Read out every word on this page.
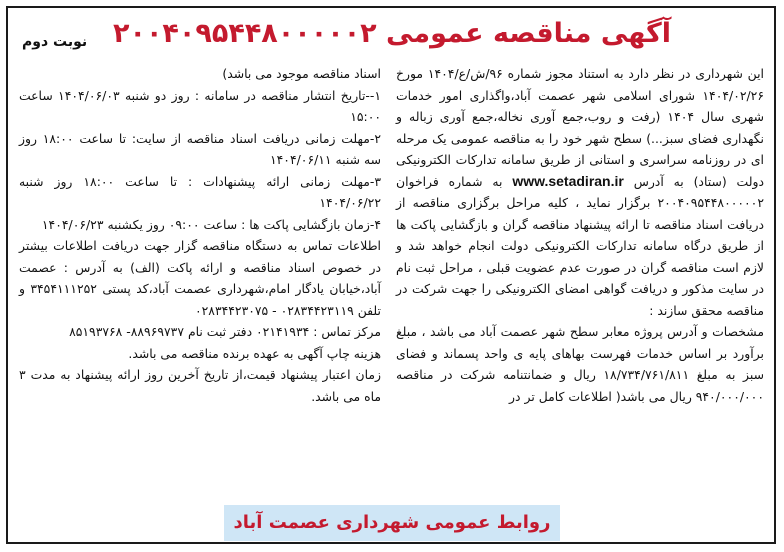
آگهی مناقصه عمومی ۲۰۰۴۰۹۵۴۴۸۰۰۰۰۰۲
نوبت دوم

این شهرداری در نظر دارد به استناد مجوز شماره ۹۶/ش/ع/۱۴۰۴ مورخ ۱۴۰۴/۰۲/۲۶ شورای اسلامی شهر عصمت آباد،واگذاری امور خدمات شهری سال ۱۴۰۴ (رفت و روب،جمع آوری نخاله،جمع آوری زباله و نگهداری فضای سبز...) سطح شهر خود را به مناقصه عمومی یک مرحله ای در روزنامه سراسری و استانی از طریق سامانه تدارکات الکترونیکی دولت (ستاد) به آدرس www.setadiran.ir به شماره فراخوان ۲۰۰۴۰۹۵۴۴۸۰۰۰۰۰۲ برگزار نماید ، کلیه مراحل برگزاری مناقصه از دریافت اسناد مناقصه تا ارائه پیشنهاد مناقصه گران و بازگشایی پاکت ها از طریق درگاه سامانه تدارکات الکترونیکی دولت انجام خواهد شد و لازم است مناقصه گران در صورت عدم عضویت قبلی ، مراحل ثبت نام در سایت مذکور و دریافت گواهی امضای الکترونیکی را جهت شرکت در مناقصه محقق سازند :

مشخصات و آدرس پروژه معابر سطح شهر عصمت آباد می باشد ، مبلغ برآورد بر اساس خدمات فهرست بهاهای پایه ی واحد پسماند و فضای سبز به مبلغ ۱۸/۷۳۴/۷۶۱/۸۱۱ ریال و ضمانتنامه شرکت در مناقصه ۹۴۰/۰۰۰/۰۰۰ ریال می باشد( اطلاعات کامل تر در

اسناد مناقصه موجود می باشد)

۱--تاریخ انتشار مناقصه در سامانه : روز دو شنبه ۱۴۰۴/۰۶/۰۳ ساعت ۱۵:۰۰

۲-مهلت زمانی دریافت اسناد مناقصه از سایت: تا ساعت ۱۸:۰۰ روز سه شنبه ۱۴۰۴/۰۶/۱۱

۳-مهلت زمانی ارائه پیشنهادات : تا ساعت ۱۸:۰۰ روز شنبه ۱۴۰۴/۰۶/۲۲

۴-زمان بازگشایی پاکت ها : ساعت ۰۹:۰۰ روز یکشنبه ۱۴۰۴/۰۶/۲۳

اطلاعات تماس به دستگاه مناقصه گزار جهت دریافت اطلاعات بیشتر در خصوص اسناد مناقصه و ارائه پاکت (الف) به آدرس : عصمت آباد،خیابان یادگار امام،شهرداری عصمت آباد،کد پستی ۳۴۵۴۱۱۱۲۵۲ و تلفن ۰۲۸۳۴۴۲۳۱۱۹ - ۰۲۸۳۴۴۲۳۰۷۵

مرکز تماس : ۰۲۱۴۱۹۳۴ دفتر ثبت نام ۸۸۹۶۹۷۳۷- ۸۵۱۹۳۷۶۸

هزینه چاپ آگهی به عهده برنده مناقصه می باشد.

زمان اعتبار پیشنهاد قیمت،از تاریخ آخرین روز ارائه پیشنهاد به مدت ۳ ماه می باشد.

روابط عمومی شهرداری عصمت آباد
